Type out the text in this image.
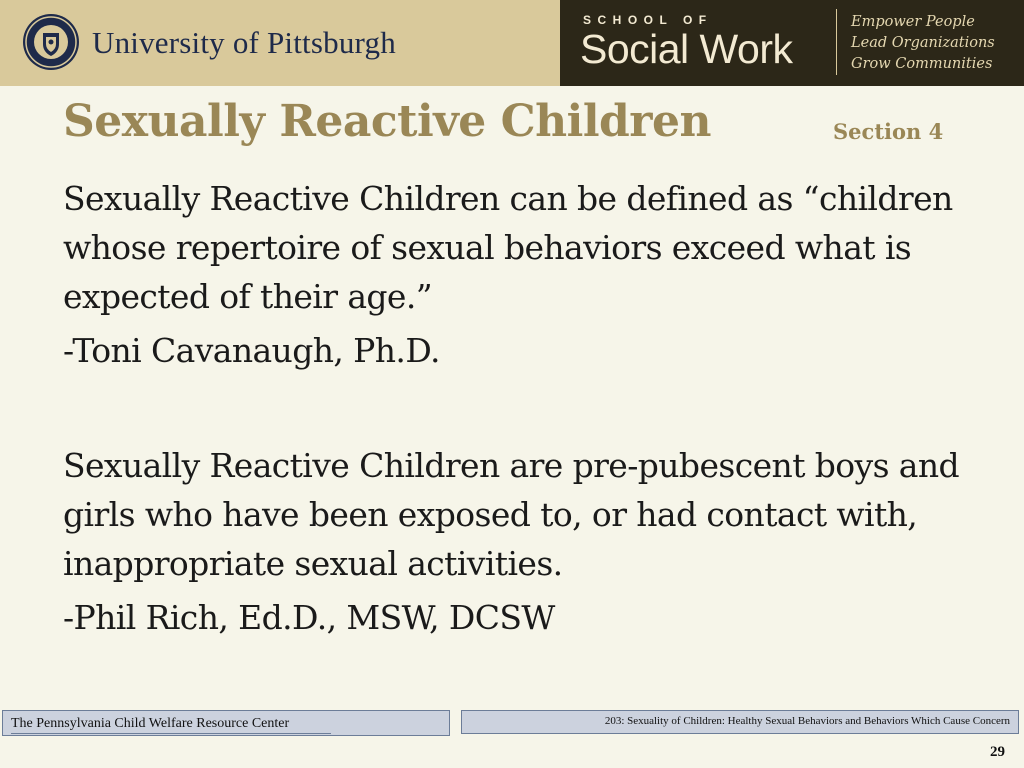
University of Pittsburgh
SCHOOL OF
Social Work
Empower People
Lead Organizations
Grow Communities
Sexually Reactive Children	Section 4

Sexually Reactive Children can be defined as “children whose repertoire of sexual behaviors exceed what is expected of their age.”

-Toni Cavanaugh, Ph.D.

Sexually Reactive Children are pre-pubescent boys and girls who have been exposed to, or had contact with, inappropriate sexual activities.

-Phil Rich, Ed.D., MSW, DCSW

The Pennsylvania Child Welfare Resource Center	203: Sexuality of Children: Healthy Sexual Behaviors and Behaviors Which Cause Concern
29
